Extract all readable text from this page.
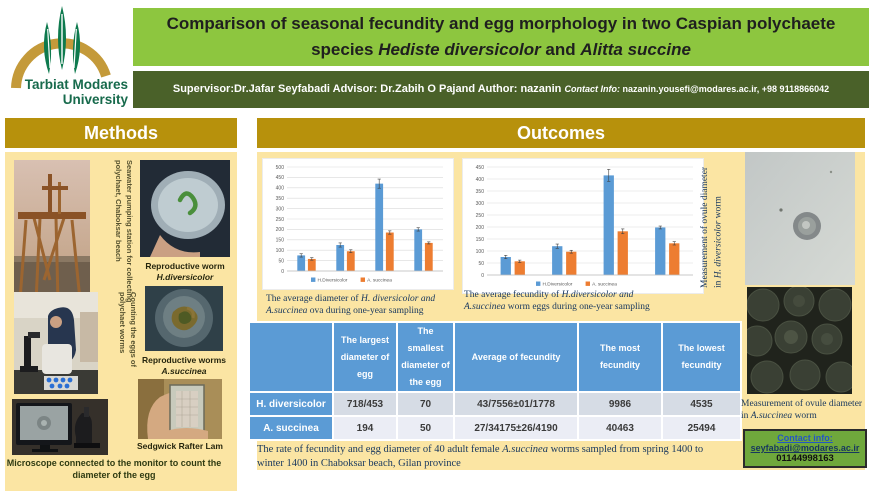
Tarbiat Modares
University
Comparison of seasonal fecundity and egg morphology in two Caspian polychaete species Hediste diversicolor and Alitta succine
Supervisor:Dr.Jafar Seyfabadi Advisor: Dr.Zabih O Pajand Author: nazanin Contact Info: nazanin.yousefi@modares.ac.ir, +98 9118866042
Methods	Outcomes
Seawater pumping station for collecting polychaet, Chaboksar beach
Reproductive worm
H.diversicolor
Counting the eggs of polychaet worms
Reproductive worms
A.succinea
Sedgwick Rafter Lam
Microscope connected to the monitor to count the diameter of the egg
0
50
100
150
200
250
300
350
400
450
500
H.Diversicolor	A. succinea
0
50
100
150
200
250
300
350
400
450
H.Diversicolor	A. succinea
The average diameter of H. diversicolor and A.succinea ova during one-year sampling
The average fecundity of H.diversicolor and A.succinea worm eggs during one-year sampling
	The largest diameter of egg	The smallest diameter of the egg	Average of fecundity	The most fecundity	The lowest fecundity
H. diversicolor	718/453	70	43/7556±01/1778	9986	4535
A. succinea	194	50	27/34175±26/4190	40463	25494
The rate of fecundity and egg diameter of 40 adult female A.succinea worms sampled from spring 1400 to winter 1400 in Chaboksar beach, Gilan province
Measurement of ovule diameter in H. diversicolor worm
Measurement of ovule diameter in A.succinea worm
Contact info:
seyfabadi@modares.ac.ir
01144998163
